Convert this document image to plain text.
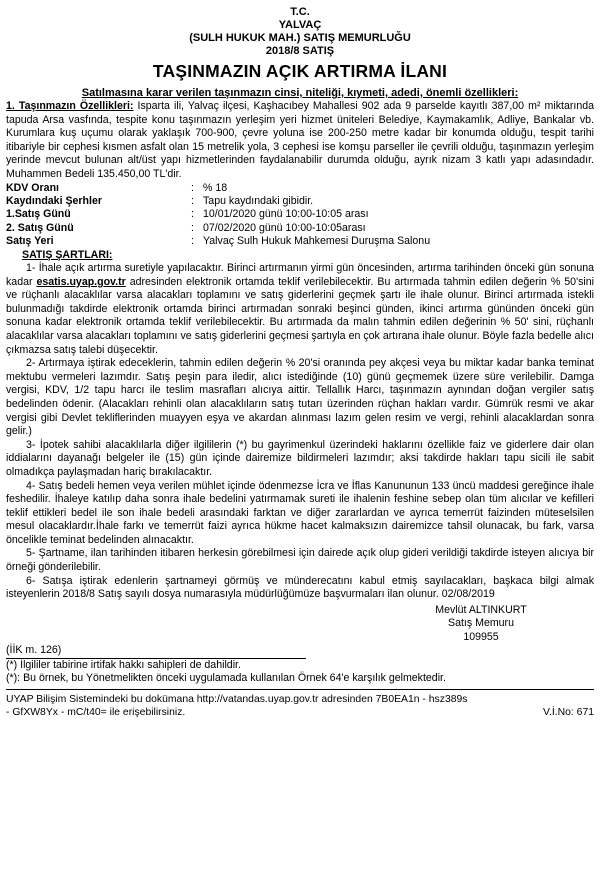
T.C.
YALVAÇ
(SULH HUKUK MAH.) SATIŞ MEMURLUĞU
2018/8 SATIŞ
TAŞINMAZIN AÇIK ARTIRMA İLANI
Satılmasına karar verilen taşınmazın cinsi, niteliği, kıymeti, adedi, önemli özellikleri:

1. Taşınmazın Özellikleri: Isparta ili, Yalvaç ilçesi, Kaşhacıbey Mahallesi 902 ada 9 parselde kayıtlı 387,00 m² miktarında tapuda Arsa vasfında, tespite konu taşınmazın yerleşim yeri hizmet üniteleri Belediye, Kaymakamlık, Adliye, Bankalar vb. Kurumlara kuş uçumu olarak yaklaşık 700-900, çevre yoluna ise 200-250 metre kadar bir konumda olduğu, tespit tarihi itibariyle bir cephesi kısmen asfalt olan 15 metrelik yola, 3 cephesi ise komşu parseller ile çevrili olduğu, taşınmazın yerleşim yerinde mevcut bulunan alt/üst yapı hizmetlerinden faydalanabilir durumda olduğu, ayrık nizam 3 katlı yapı adasındadır. Muhammen Bedeli 135.450,00 TL'dir.

KDV Oranı	: % 18
Kaydındaki Şerhler	: Tapu kaydındaki gibidir.
1.Satış Günü	: 10/01/2020 günü 10:00-10:05 arası
2. Satış Günü	: 07/02/2020 günü 10:00-10:05arası
Satış Yeri	: Yalvaç Sulh Hukuk Mahkemesi Duruşma Salonu
SATIŞ ŞARTLARI:

1- İhale açık artırma suretiyle yapılacaktır. Birinci artırmanın yirmi gün öncesinden, artırma tarihinden önceki gün sonuna kadar esatis.uyap.gov.tr adresinden elektronik ortamda teklif verilebilecektir. Bu artırmada tahmin edilen değerin % 50'sini ve rüçhanlı alacaklılar varsa alacakları toplamını ve satış giderlerini geçmek şartı ile ihale olunur. Birinci artırmada istekli bulunmadığı takdirde elektronik ortamda birinci artırmadan sonraki beşinci günden, ikinci artırma gününden önceki gün sonuna kadar elektronik ortamda teklif verilebilecektir. Bu artırmada da malın tahmin edilen değerinin % 50' sini, rüçhanlı alacaklılar varsa alacakları toplamını ve satış giderlerini geçmesi şartıyla en çok artırana ihale olunur. Böyle fazla bedelle alıcı çıkmazsa satış talebi düşecektir.

2- Artırmaya iştirak edeceklerin, tahmin edilen değerin % 20'si oranında pey akçesi veya bu miktar kadar banka teminat mektubu vermeleri lazımdır. Satış peşin para iledir, alıcı istediğinde (10) günü geçmemek üzere süre verilebilir. Damga vergisi, KDV, 1/2 tapu harcı ile teslim masrafları alıcıya aittir. Tellallık Harcı, taşınmazın aynından doğan vergiler satış bedelinden ödenir. (Alacakları rehinli olan alacaklıların satış tutarı üzerinden rüçhan hakları vardır. Gümrük resmi ve akar vergisi gibi Devlet tekliflerinden muayyen eşya ve akardan alınması lazım gelen resim ve vergi, rehinli alacaklardan sonra gelir.)

3- İpotek sahibi alacaklılarla diğer ilgililerin (*) bu gayrimenkul üzerindeki haklarını özellikle faiz ve giderlere dair olan iddialarını dayanağı belgeler ile (15) gün içinde dairemize bildirmeleri lazımdır; aksi takdirde hakları tapu sicili ile sabit olmadıkça paylaşmadan hariç bırakılacaktır.

4- Satış bedeli hemen veya verilen mühlet içinde ödenmezse İcra ve İflas Kanununun 133 üncü maddesi gereğince ihale feshedilir. İhaleye katılıp daha sonra ihale bedelini yatırmamak sureti ile ihalenin feshine sebep olan tüm alıcılar ve kefilleri teklif ettikleri bedel ile son ihale bedeli arasındaki farktan ve diğer zararlardan ve ayrıca temerrüt faizinden müteselsilen mesul olacaklardır.İhale farkı ve temerrüt faizi ayrıca hükme hacet kalmaksızın dairemizce tahsil olunacak, bu fark, varsa öncelikle teminat bedelinden alınacaktır.

5- Şartname, ilan tarihinden itibaren herkesin görebilmesi için dairede açık olup gideri verildiği takdirde isteyen alıcıya bir örneği gönderilebilir.

6- Satışa iştirak edenlerin şartnameyi görmüş ve münderecatını kabul etmiş sayılacakları, başkaca bilgi almak isteyenlerin 2018/8 Satış sayılı dosya numarasıyla müdürlüğümüze başvurmaları ilan olunur. 02/08/2019

Mevlüt ALTINKURT
Satış Memuru
109955
(İİK m. 126)
(*) İlgililer tabirine irtifak hakkı sahipleri de dahildir.
(*): Bu örnek, bu Yönetmelikten önceki uygulamada kullanılan Örnek 64'e karşılık gelmektedir.
UYAP Bilişim Sistemindeki bu dokümana http://vatandas.uyap.gov.tr adresinden 7B0EA1n - hsz389s
- GfXW8Yx - mC/t40= ile erişebilirsiniz.	V.İ.No: 671
